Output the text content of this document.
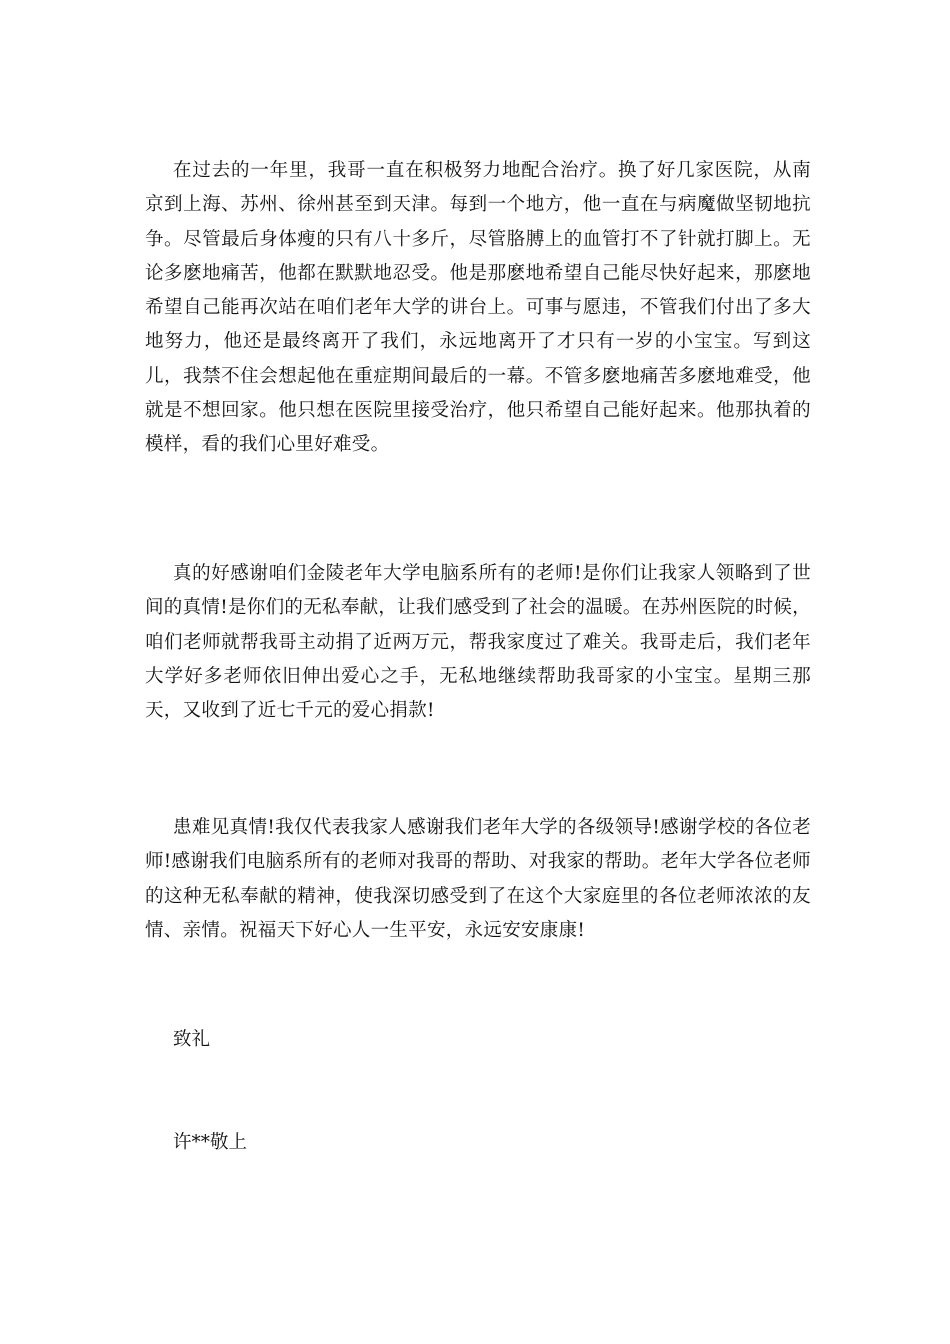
在过去的一年里，我哥一直在积极努力地配合治疗。换了好几家医院，从南京到上海、苏州、徐州甚至到天津。每到一个地方，他一直在与病魔做坚韧地抗争。尽管最后身体瘦的只有八十多斤，尽管胳膊上的血管打不了针就打脚上。无论多麽地痛苦，他都在默默地忍受。他是那麽地希望自己能尽快好起来，那麽地希望自己能再次站在咱们老年大学的讲台上。可事与愿违，不管我们付出了多大地努力，他还是最终离开了我们，永远地离开了才只有一岁的小宝宝。写到这儿，我禁不住会想起他在重症期间最后的一幕。不管多麽地痛苦多麽地难受，他就是不想回家。他只想在医院里接受治疗，他只希望自己能好起来。他那执着的模样，看的我们心里好难受。

真的好感谢咱们金陵老年大学电脑系所有的老师!是你们让我家人领略到了世间的真情!是你们的无私奉献，让我们感受到了社会的温暖。在苏州医院的时候，咱们老师就帮我哥主动捐了近两万元，帮我家度过了难关。我哥走后，我们老年大学好多老师依旧伸出爱心之手，无私地继续帮助我哥家的小宝宝。星期三那天，又收到了近七千元的爱心捐款!

患难见真情!我仅代表我家人感谢我们老年大学的各级领导!感谢学校的各位老师!感谢我们电脑系所有的老师对我哥的帮助、对我家的帮助。老年大学各位老师的这种无私奉献的精神，使我深切感受到了在这个大家庭里的各位老师浓浓的友情、亲情。祝福天下好心人一生平安，永远安安康康!

致礼

许**敬上
